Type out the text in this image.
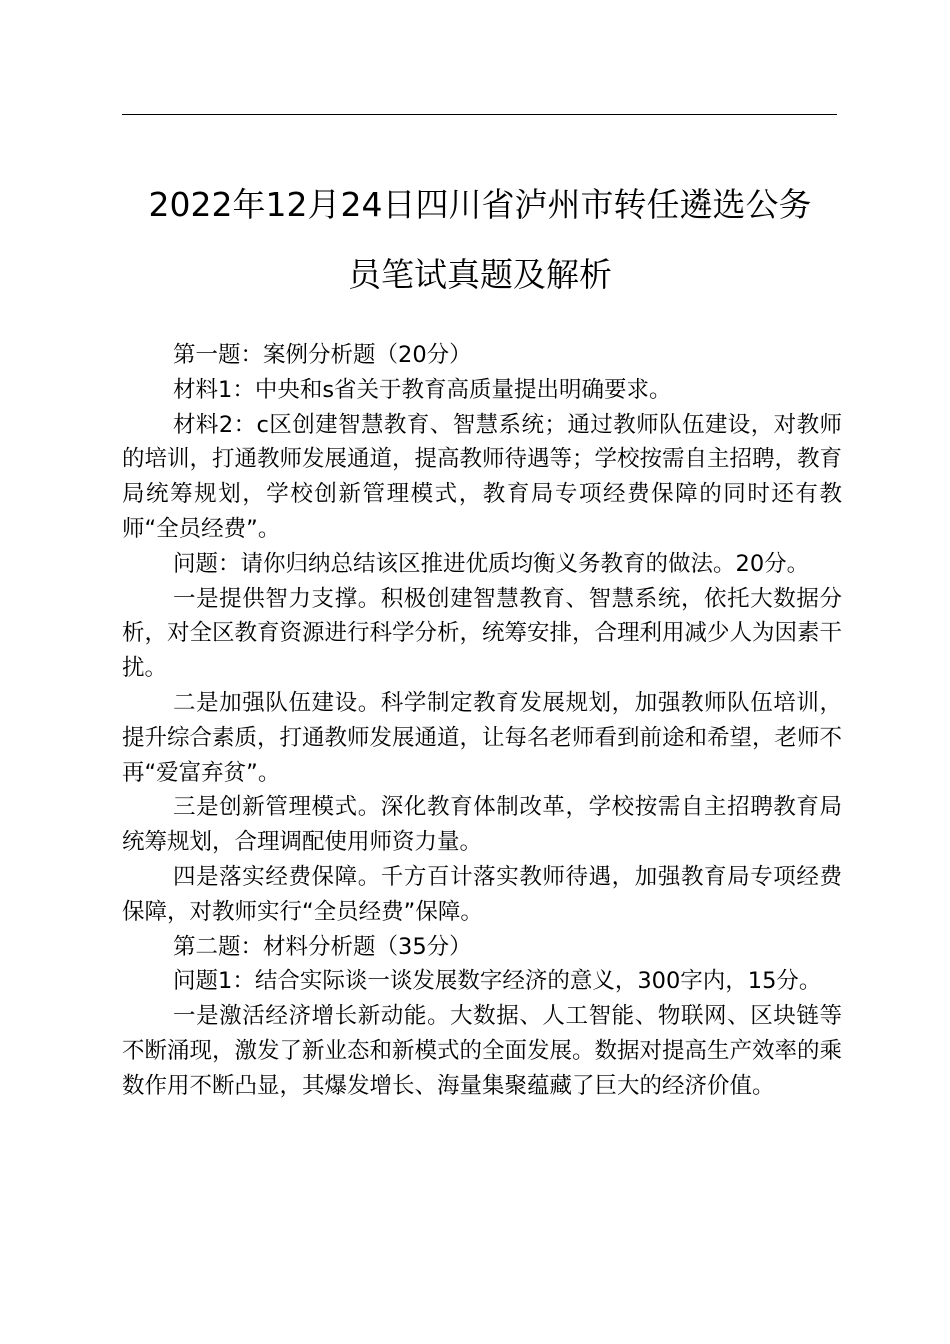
2022年12月24日四川省泸州市转任遴选公务
员笔试真题及解析

第一题：案例分析题（20分）

材料1：中央和s省关于教育高质量提出明确要求。

材料2：c区创建智慧教育、智慧系统；通过教师队伍建设，对教师的培训，打通教师发展通道，提高教师待遇等；学校按需自主招聘，教育局统筹规划，学校创新管理模式，教育局专项经费保障的同时还有教师“全员经费”。

问题：请你归纳总结该区推进优质均衡义务教育的做法。20分。

一是提供智力支撑。积极创建智慧教育、智慧系统，依托大数据分析，对全区教育资源进行科学分析，统筹安排，合理利用减少人为因素干扰。

二是加强队伍建设。科学制定教育发展规划，加强教师队伍培训，提升综合素质，打通教师发展通道，让每名老师看到前途和希望，老师不再“爱富弃贫”。

三是创新管理模式。深化教育体制改革，学校按需自主招聘教育局统筹规划，合理调配使用师资力量。

四是落实经费保障。千方百计落实教师待遇，加强教育局专项经费保障，对教师实行“全员经费”保障。

第二题：材料分析题（35分）

问题1：结合实际谈一谈发展数字经济的意义，300字内，15分。

一是激活经济增长新动能。大数据、人工智能、物联网、区块链等不断涌现，激发了新业态和新模式的全面发展。数据对提高生产效率的乘数作用不断凸显，其爆发增长、海量集聚蕴藏了巨大的经济价值。
